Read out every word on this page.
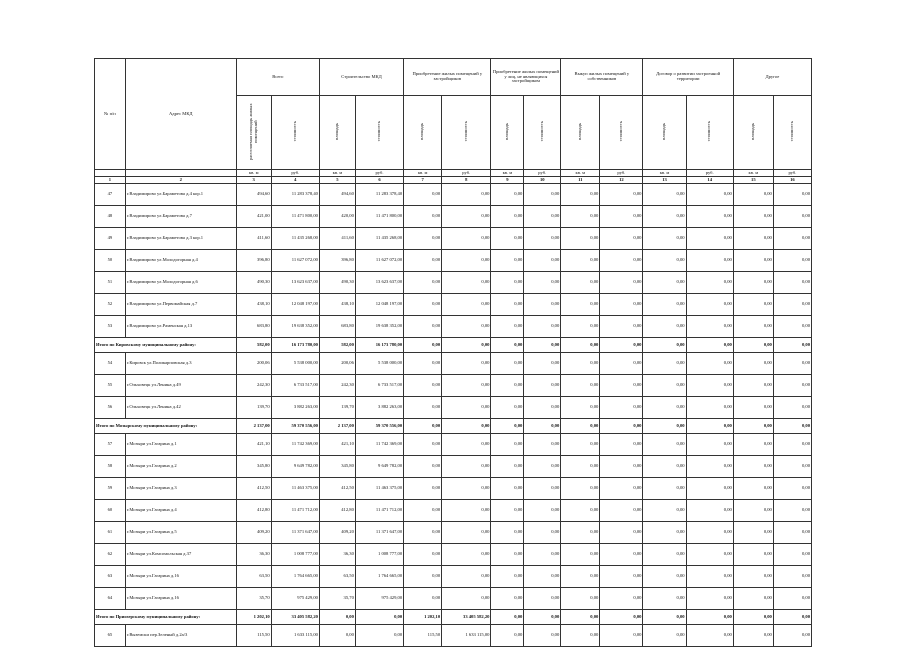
№ п/п	Адрес МКД	Всего		Строительство МКД		Приобретение жилых помещений у застройщиков		Приобретение жилых помещений у лиц, не являющихся застройщиком		Выкуп жилых помещений у собственников		Договор о развитии застроенной территории		Другое	
		расселяемая площадь жилых помещений	стоимость	площадь	стоимость	площадь	стоимость	площадь	стоимость	площадь	стоимость	площадь	стоимость	площадь	стоимость
		кв. м	руб.	кв. м	руб.	кв. м	руб.	кв. м	руб.	кв. м	руб.	кв. м	руб.	кв. м	руб.
1	2	3	4	5	6	7	8	9	10	11	12	13	14	15	16
47	г.Владимирово ул.Бараметова д.4 кор.1	494,60	11 283 378,40	494,60	11 283 378,40	0,00	0,00	0,00	0,00	0,00	0,00	0,00	0,00	0,00	0,00
48	г.Владимирово ул.Бараметова д.7	421,00	11 471 800,00	420,00	11 471 800,00	0,00	0,00	0,00	0,00	0,00	0,00	0,00	0,00	0,00	0,00
49	г.Владимирово ул.Бараметова д.3 кор.1	411,60	11 435 268,00	411,60	11 435 268,00	0,00	0,00	0,00	0,00	0,00	0,00	0,00	0,00	0,00	0,00
50	г.Владимирово ул.Молодогорная д.4	396,80	11 627 072,00	396,80	11 627 072,00	0,00	0,00	0,00	0,00	0,00	0,00	0,00	0,00	0,00	0,00
51	г.Владимирово ул.Молодогорная д.6	490,30	13 623 637,00	490,30	13 623 637,00	0,00	0,00	0,00	0,00	0,00	0,00	0,00	0,00	0,00	0,00
52	г.Владимирово ул.Первомайская д.7	438,10	12 048 197,00	438,10	12 048 197,00	0,00	0,00	0,00	0,00	0,00	0,00	0,00	0,00	0,00	0,00
53	г.Владимирово ул.Раменская д.13	683,80	19 638 352,00	683,80	19 638 352,00	0,00	0,00	0,00	0,00	0,00	0,00	0,00	0,00	0,00	0,00
Итого по Кировскому муниципальному району:		582,00	16 173 780,00	582,00	16 173 780,00	0,00	0,00	0,00	0,00	0,00	0,00	0,00	0,00	0,00	0,00
54	г.Кировск ул.Поликарповская д.3	200,06	5 538 000,00	200,06	5 538 000,00	0,00	0,00	0,00	0,00	0,00	0,00	0,00	0,00	0,00	0,00
55	г.Ольховецк ул.Ленина д.49	242,30	6 733 517,00	242,30	6 733 517,00	0,00	0,00	0,00	0,00	0,00	0,00	0,00	0,00	0,00	0,00
56	г.Ольховецк ул.Ленина д.42	139,70	3 882 263,00	139,70	3 882 263,00	0,00	0,00	0,00	0,00	0,00	0,00	0,00	0,00	0,00	0,00
Итого по Мозырскому муниципальному району:		2 137,00	59 370 556,00	2 137,00	59 370 556,00	0,00	0,00	0,00	0,00	0,00	0,00	0,00	0,00	0,00	0,00
57	г.Мозыри ул.Гагарина д.1	421,10	11 742 369,00	421,10	11 742 369,00	0,00	0,00	0,00	0,00	0,00	0,00	0,00	0,00	0,00	0,00
58	г.Мозыри ул.Гагарина д.2	345,80	9 649 782,00	345,80	9 649 782,00	0,00	0,00	0,00	0,00	0,00	0,00	0,00	0,00	0,00	0,00
59	г.Мозыри ул.Гагарина д.3	412,50	11 463 375,00	412,50	11 463 375,00	0,00	0,00	0,00	0,00	0,00	0,00	0,00	0,00	0,00	0,00
60	г.Мозыри ул.Гагарина д.4	412,80	11 471 712,00	412,80	11 471 712,00	0,00	0,00	0,00	0,00	0,00	0,00	0,00	0,00	0,00	0,00
61	г.Мозыри ул.Гагарина д.5	409,20	11 371 647,00	409,20	11 371 647,00	0,00	0,00	0,00	0,00	0,00	0,00	0,00	0,00	0,00	0,00
62	г.Мозыри ул.Комсомольская д.37	36,30	1 008 777,00	36,30	1 008 777,00	0,00	0,00	0,00	0,00	0,00	0,00	0,00	0,00	0,00	0,00
63	г.Мозыри ул.Гагарина д.16	63,50	1 764 665,00	63,50	1 764 665,00	0,00	0,00	0,00	0,00	0,00	0,00	0,00	0,00	0,00	0,00
64	г.Мозыри ул.Гагарина д.16	35,70	975 429,00	35,70	975 429,00	0,00	0,00	0,00	0,00	0,00	0,00	0,00	0,00	0,00	0,00
Итого по Приозерскому муниципальному району:		1 202,10	33 405 582,20	0,00	0,00	1 202,10	33 405 582,20	0,00	0,00	0,00	0,00	0,00	0,00	0,00	0,00
65	г.Выземски пер.Зеленый д.2а/3	115,50	1 633 115,00	0,00	0,00	115,50	1 633 115,00	0,00	0,00	0,00	0,00	0,00	0,00	0,00	0,00
